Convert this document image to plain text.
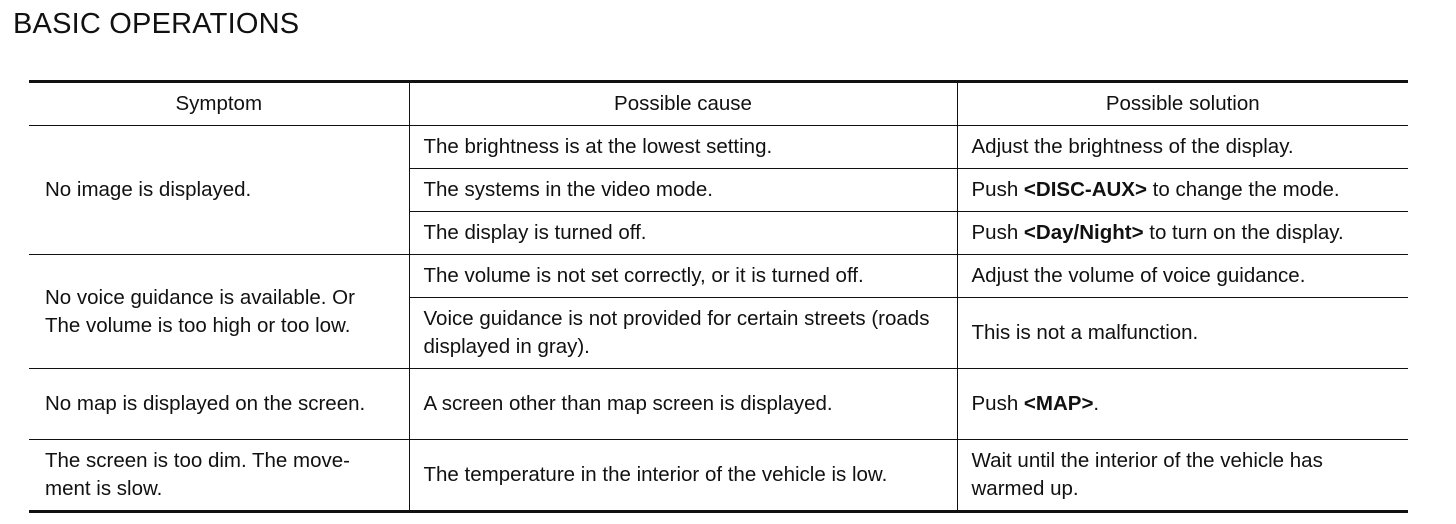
BASIC OPERATIONS
Symptom	Possible cause	Possible solution
No image is displayed.	The brightness is at the lowest setting.	Adjust the brightness of the display.
	The systems in the video mode.	Push <DISC-AUX> to change the mode.
	The display is turned off.	Push <Day/Night> to turn on the display.
No voice guidance is available. Or The volume is too high or too low.	The volume is not set correctly, or it is turned off.	Adjust the volume of voice guidance.
	Voice guidance is not provided for certain streets (roads displayed in gray).	This is not a malfunction.
No map is displayed on the screen.	A screen other than map screen is displayed.	Push <MAP>.
The screen is too dim. The move- ment is slow.	The temperature in the interior of the vehicle is low.	Wait until the interior of the vehicle has warmed up.
